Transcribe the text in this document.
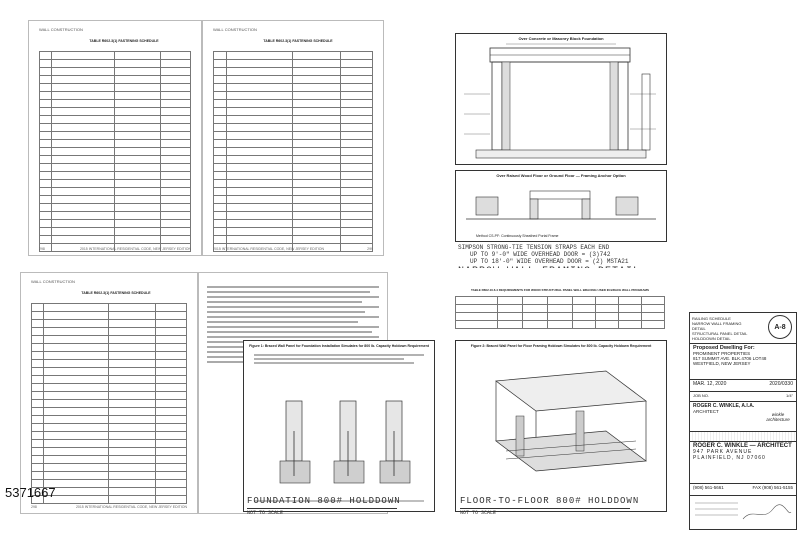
WALL CONSTRUCTION
TABLE R602.3(1) FASTENING SCHEDULE

298	2015 INTERNATIONAL RESIDENTIAL CODE, NEW JERSEY EDITION
WALL CONSTRUCTION
TABLE R602.3(1) FASTENING SCHEDULE

2015 INTERNATIONAL RESIDENTIAL CODE, NEW JERSEY EDITION	299
WALL CONSTRUCTION
TABLE R602.3(1) FASTENING SCHEDULE

298	2015 INTERNATIONAL RESIDENTIAL CODE, NEW JERSEY EDITION
Over Concrete or Masonry Block Foundation
Over Raised Wood Floor or Ground Floor — Framing Anchor Option
Method CS-PF: Continuously Sheathed Portal Frame
SIMPSON STRONG-TIE TENSION STRAPS EACH END
UP TO 9'-0" WIDE OVERHEAD DOOR = (3)742
UP TO 18'-0" WIDE OVERHEAD DOOR = (2) MSTA21
TABLE R602.10.6.4 REQUIREMENTS FOR WOOD STRUCTURAL PANEL WALL BRACING USED IN BRACE WALL PROGRAMS

Figure 1: Braced Wall Panel for Foundation Installation Simulates for 800 lb. Capacity Holdown Requirement	Figure 2: Braced Wall Panel for Floor Framing Holdown Simulates for 800 lb. Capacity Holdown Requirement
FOUNDATION 800# HOLDDOWN
NOT TO SCALE
FLOOR-TO-FLOOR 800# HOLDDOWN
NOT TO SCALE
RAILING SCHEDULE
NARROW WALL FRAMING
DETAIL
STRUCTURAL PANEL DETAIL
HOLDDOWN DETAIL
A-8
Proposed Dwelling For:
PROMINENT PROPERTIES
817 SUMMIT AVE. BLK.4706 LOT48
WESTFIELD, NEW JERSEY
MAR. 12, 2020	2020/0330
JOB NO.	1/4"
ROGER C. WINKLE, A.I.A.
ARCHITECT
winkle architecture
ROGER C. WINKLE — ARCHITECT
947 PARK AVENUE
PLAINFIELD, NJ 07060
(908) 561-5661	FAX (908) 561-5155
5371667
